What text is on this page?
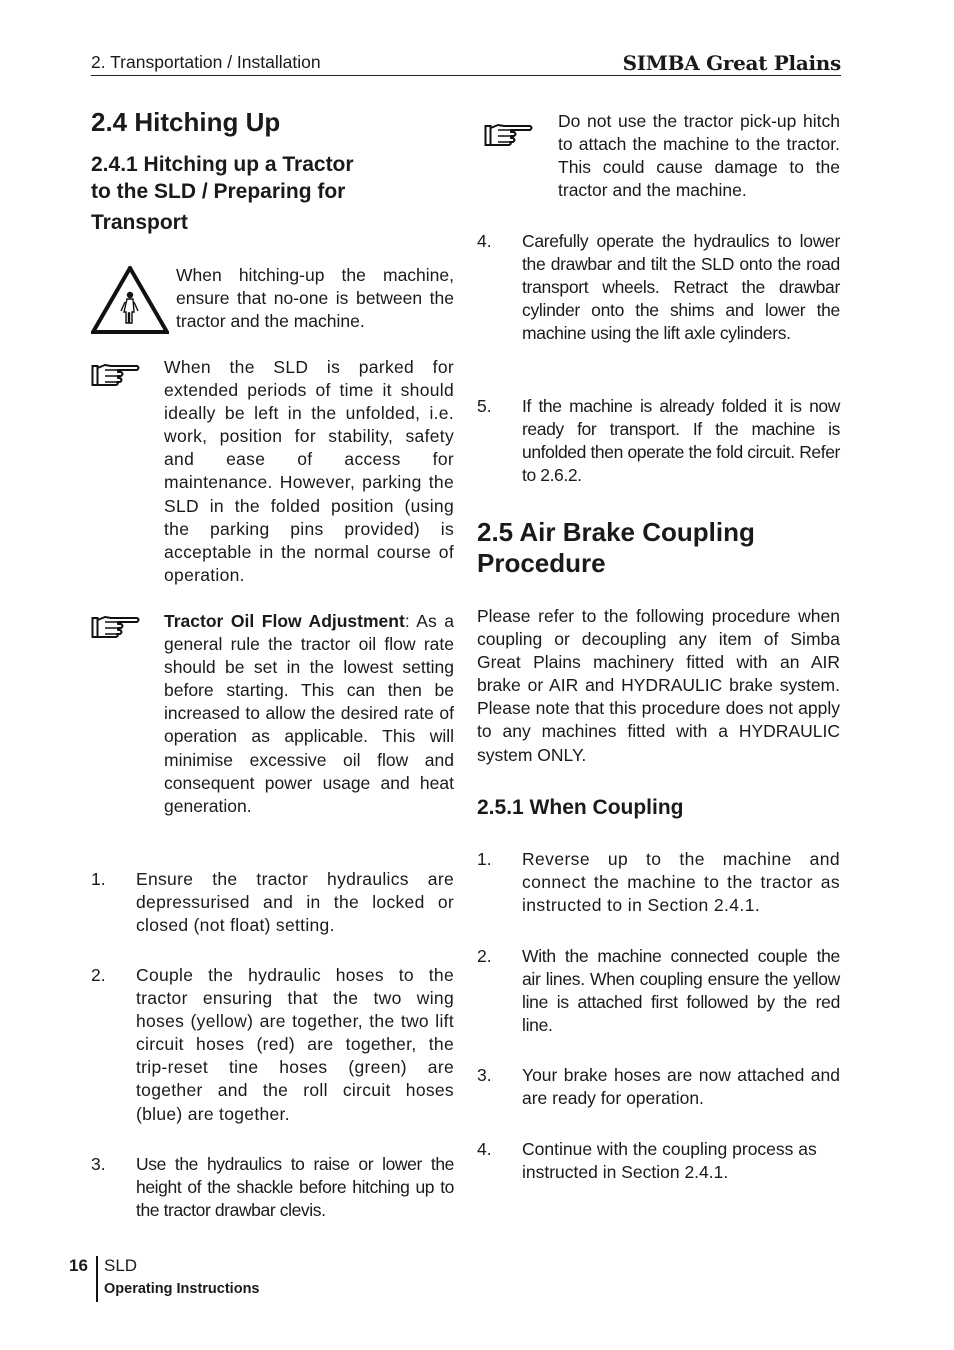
2. Transportation / Installation	SIMBA Great Plains
2.4 Hitching Up
2.4.1 Hitching up a Tractor
to the SLD / Preparing for
Transport
When hitching-up the machine, ensure that no-one is between the tractor and the machine.
When the SLD is parked for extended periods of time it should ideally be left in the unfolded, i.e. work, position for stability, safety and ease of access for maintenance. However, parking the SLD in the folded position (using the parking pins provided) is acceptable in the normal course of operation.
Tractor Oil Flow Adjustment: As a general rule the tractor oil flow rate should be set in the lowest setting before starting. This can then be increased to allow the desired rate of operation as applicable. This will minimise excessive oil flow and consequent power usage and heat generation.
1. Ensure the tractor hydraulics are depressurised and in the locked or closed (not float) setting.
2. Couple the hydraulic hoses to the tractor ensuring that the two wing hoses (yellow) are together, the two lift circuit hoses (red) are together, the trip-reset tine hoses (green) are together and the roll circuit hoses (blue) are together.
3. Use the hydraulics to raise or lower the height of the shackle before hitching up to the tractor drawbar clevis.
Do not use the tractor pick-up hitch to attach the machine to the tractor. This could cause damage to the tractor and the machine.
4. Carefully operate the hydraulics to lower the drawbar and tilt the SLD onto the road transport wheels. Retract the drawbar cylinder onto the shims and lower the machine using the lift axle cylinders.
5. If the machine is already folded it is now ready for transport. If the machine is unfolded then operate the fold circuit. Refer to 2.6.2.
2.5 Air Brake Coupling
Procedure
Please refer to the following procedure when coupling or decoupling any item of Simba Great Plains machinery fitted with an AIR brake or AIR and HYDRAULIC brake system. Please note that this procedure does not apply to any machines fitted with a HYDRAULIC system ONLY.
2.5.1 When Coupling
1. Reverse up to the machine and connect the machine to the tractor as instructed to in Section 2.4.1.
2. With the machine connected couple the air lines. When coupling ensure the yellow line is attached first followed by the red line.
3. Your brake hoses are now attached and are ready for operation.
4. Continue with the coupling process as instructed in Section 2.4.1.
16 SLD
Operating Instructions
